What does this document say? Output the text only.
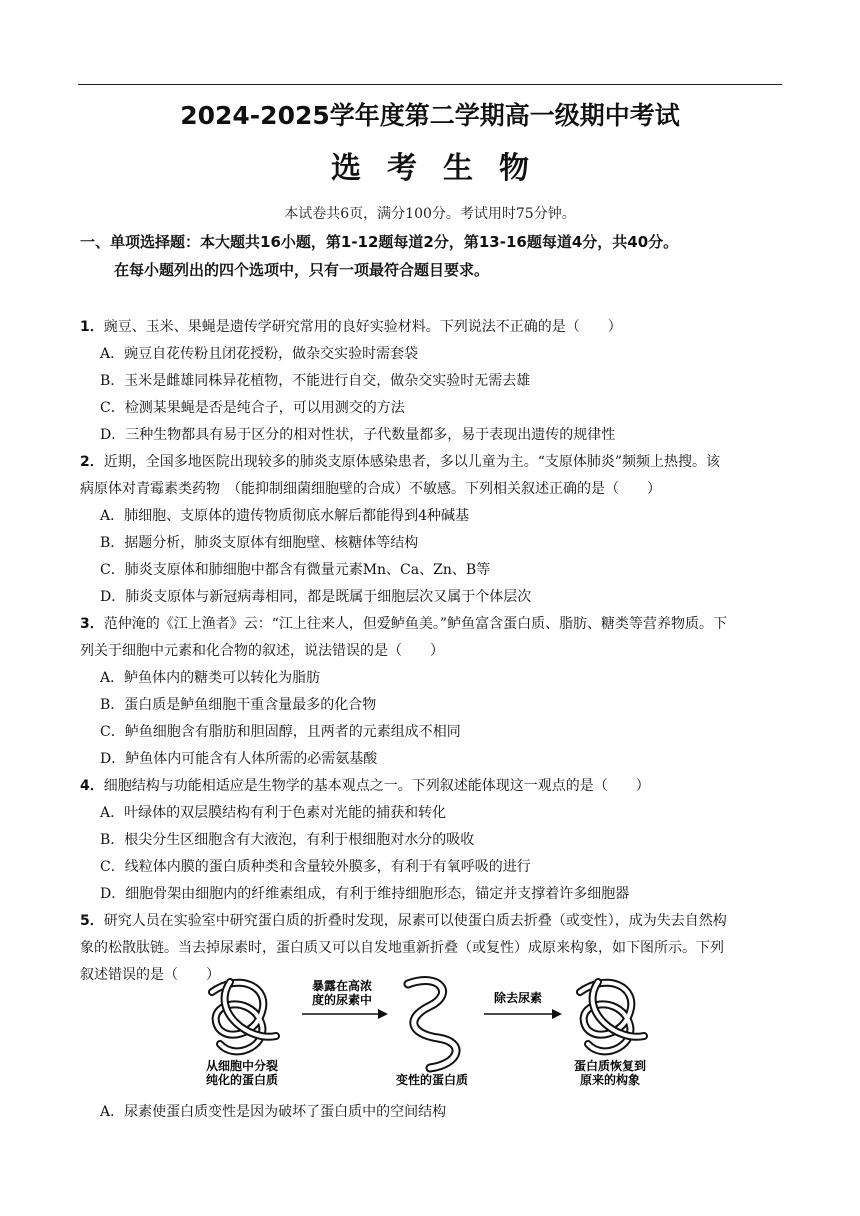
2024-2025学年度第二学期高一级期中考试
选考生物
本试卷共6页，满分100分。考试用时75分钟。
一、单项选择题：本大题共16小题，第1-12题每道2分，第13-16题每道4分，共40分。
在每小题列出的四个选项中，只有一项最符合题目要求。
1．豌豆、玉米、果蝇是遗传学研究常用的良好实验材料。下列说法不正确的是（　　）
A．豌豆自花传粉且闭花授粉，做杂交实验时需套袋
B．玉米是雌雄同株异花植物，不能进行自交，做杂交实验时无需去雄
C．检测某果蝇是否是纯合子，可以用测交的方法
D．三种生物都具有易于区分的相对性状，子代数量都多，易于表现出遗传的规律性
2．近期，全国多地医院出现较多的肺炎支原体感染患者，多以儿童为主。“支原体肺炎”频频上热搜。该
病原体对青霉素类药物　（能抑制细菌细胞壁的合成）不敏感。下列相关叙述正确的是（　　）
A．肺细胞、支原体的遗传物质彻底水解后都能得到4种碱基
B．据题分析，肺炎支原体有细胞壁、核糖体等结构
C．肺炎支原体和肺细胞中都含有微量元素Mn、Ca、Zn、B等
D．肺炎支原体与新冠病毒相同，都是既属于细胞层次又属于个体层次
3．范仲淹的《江上渔者》云：“江上往来人，但爱鲈鱼美。”鲈鱼富含蛋白质、脂肪、糖类等营养物质。下
列关于细胞中元素和化合物的叙述，说法错误的是（　　）
A．鲈鱼体内的糖类可以转化为脂肪
B．蛋白质是鲈鱼细胞干重含量最多的化合物
C．鲈鱼细胞含有脂肪和胆固醇，且两者的元素组成不相同
D．鲈鱼体内可能含有人体所需的必需氨基酸
4．细胞结构与功能相适应是生物学的基本观点之一。下列叙述能体现这一观点的是（　　）
A．叶绿体的双层膜结构有利于色素对光能的捕获和转化
B．根尖分生区细胞含有大液泡，有利于根细胞对水分的吸收
C．线粒体内膜的蛋白质种类和含量较外膜多，有利于有氧呼吸的进行
D．细胞骨架由细胞内的纤维素组成，有利于维持细胞形态，锚定并支撑着许多细胞器
5．研究人员在实验室中研究蛋白质的折叠时发现，尿素可以使蛋白质去折叠（或变性），成为失去自然构
象的松散肽链。当去掉尿素时，蛋白质又可以自发地重新折叠（或复性）成原来构象，如下图所示。下列
叙述错误的是（　　）
从细胞中分裂
纯化的蛋白质
暴露在高浓
度的尿素中
变性的蛋白质
除去尿素
蛋白质恢复到
原来的构象
A．尿素使蛋白质变性是因为破坏了蛋白质中的空间结构
